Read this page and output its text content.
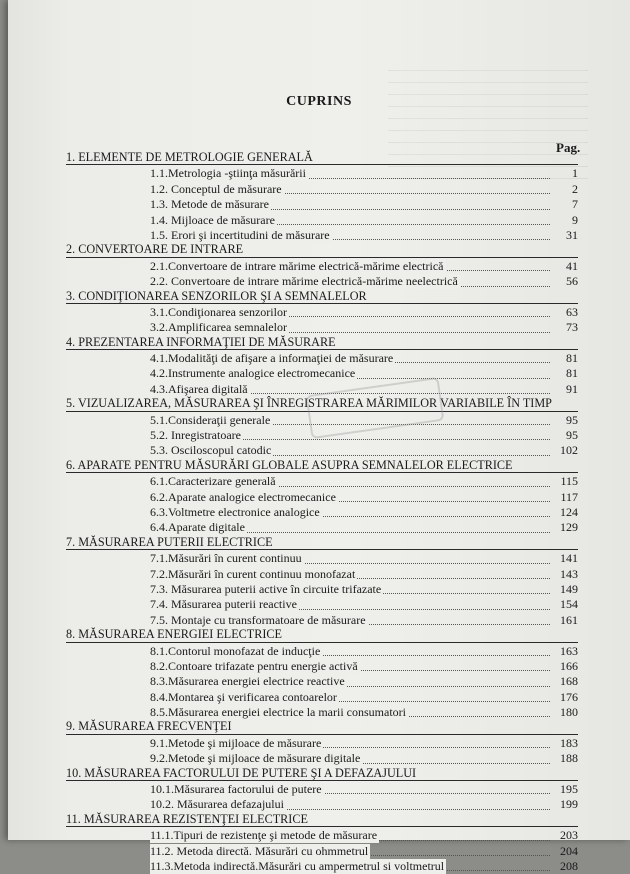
CUPRINS
Pag.
1. ELEMENTE DE METROLOGIE GENERALĂ
1.1.Metrologia -ştiinţa măsurării	1
1.2. Conceptul de măsurare	2
1.3. Metode de măsurare	7
1.4. Mijloace de măsurare	9
1.5. Erori şi incertitudini de măsurare	31
2. CONVERTOARE DE INTRARE
2.1.Convertoare de intrare mărime electrică-mărime electrică	41
2.2. Convertoare de intrare mărime electrică-mărime neelectrică	56
3. CONDIŢIONAREA SENZORILOR ŞI A SEMNALELOR
3.1.Condiţionarea senzorilor	63
3.2.Amplificarea semnalelor	73
4. PREZENTAREA INFORMAŢIEI DE MĂSURARE
4.1.Modalităţi de afişare a informaţiei de măsurare	81
4.2.Instrumente analogice electromecanice	81
4.3.Afişarea digitală	91
5. VIZUALIZAREA, MĂSURAREA ŞI ÎNREGISTRAREA MĂRIMILOR VARIABILE ÎN TIMP
5.1.Consideraţii generale	95
5.2. Inregistratoare	95
5.3. Osciloscopul catodic	102
6. APARATE PENTRU MĂSURĂRI GLOBALE ASUPRA SEMNALELOR ELECTRICE
6.1.Caracterizare generală	115
6.2.Aparate analogice electromecanice	117
6.3.Voltmetre electronice analogice	124
6.4.Aparate digitale	129
7. MĂSURAREA PUTERII ELECTRICE
7.1.Măsurări în curent continuu	141
7.2.Măsurări în curent continuu monofazat	143
7.3. Măsurarea puterii active în circuite trifazate	149
7.4. Măsurarea puterii reactive	154
7.5. Montaje cu transformatoare de măsurare	161
8. MĂSURAREA ENERGIEI ELECTRICE
8.1.Contorul monofazat de inducţie	163
8.2.Contoare trifazate pentru energie activă	166
8.3.Măsurarea energiei electrice reactive	168
8.4.Montarea şi verificarea contoarelor	176
8.5.Măsurarea energiei electrice la marii consumatori	180
9. MĂSURAREA FRECVENŢEI
9.1.Metode şi mijloace de măsurare	183
9.2.Metode şi mijloace de măsurare digitale	188
10. MĂSURAREA FACTORULUI DE PUTERE ŞI A DEFAZAJULUI
10.1.Măsurarea factorului de putere	195
10.2. Măsurarea defazajului	199
11. MĂSURAREA REZISTENŢEI ELECTRICE
11.1.Tipuri de rezistenţe şi metode de măsurare	203
11.2. Metoda directă. Măsurări cu ohmmetrul	204
11.3.Metoda indirectă.Măsurări cu ampermetrul si voltmetrul	208
